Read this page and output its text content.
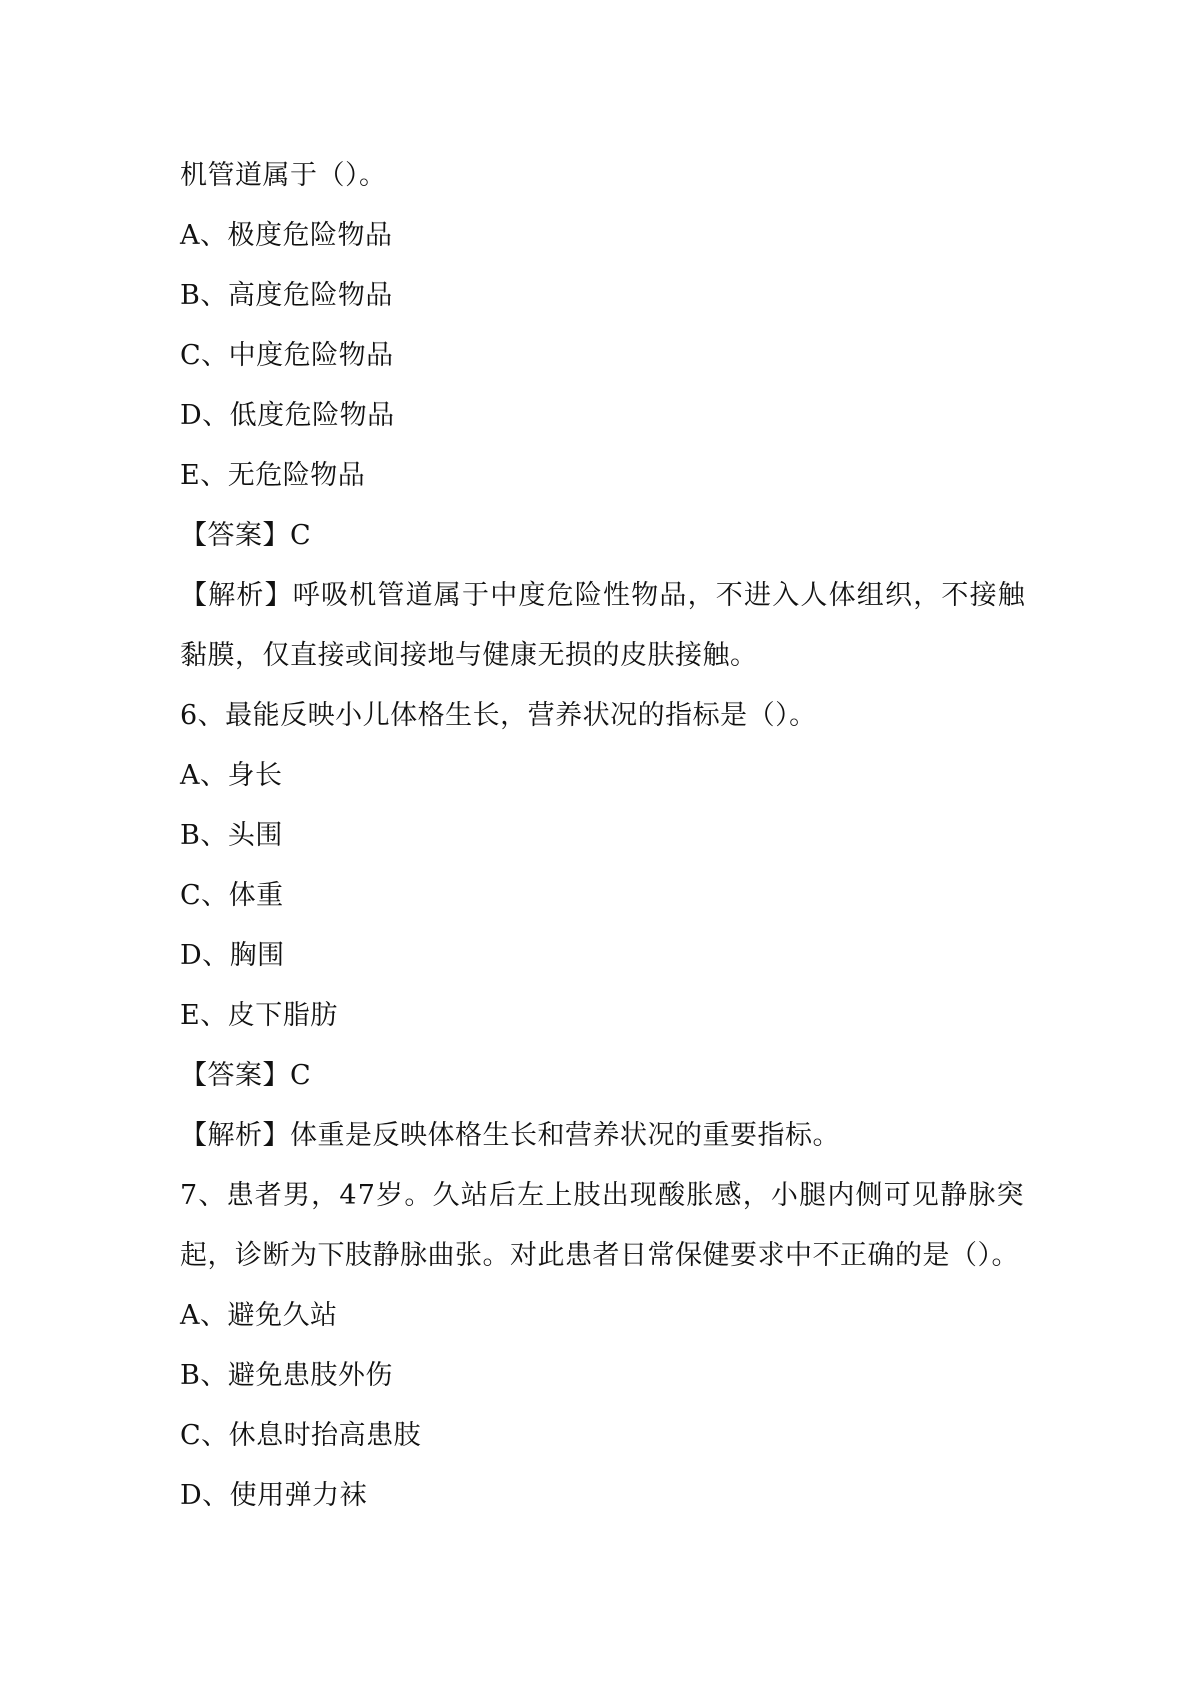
机管道属于（）。
A、极度危险物品
B、高度危险物品
C、中度危险物品
D、低度危险物品
E、无危险物品
【答案】C
【解析】呼吸机管道属于中度危险性物品，不进入人体组织，不接触
黏膜，仅直接或间接地与健康无损的皮肤接触。
6、最能反映小儿体格生长，营养状况的指标是（）。
A、身长
B、头围
C、体重
D、胸围
E、皮下脂肪
【答案】C
【解析】体重是反映体格生长和营养状况的重要指标。
7、患者男，47岁。久站后左上肢出现酸胀感，小腿内侧可见静脉突
起，诊断为下肢静脉曲张。对此患者日常保健要求中不正确的是（）。
A、避免久站
B、避免患肢外伤
C、休息时抬高患肢
D、使用弹力袜
